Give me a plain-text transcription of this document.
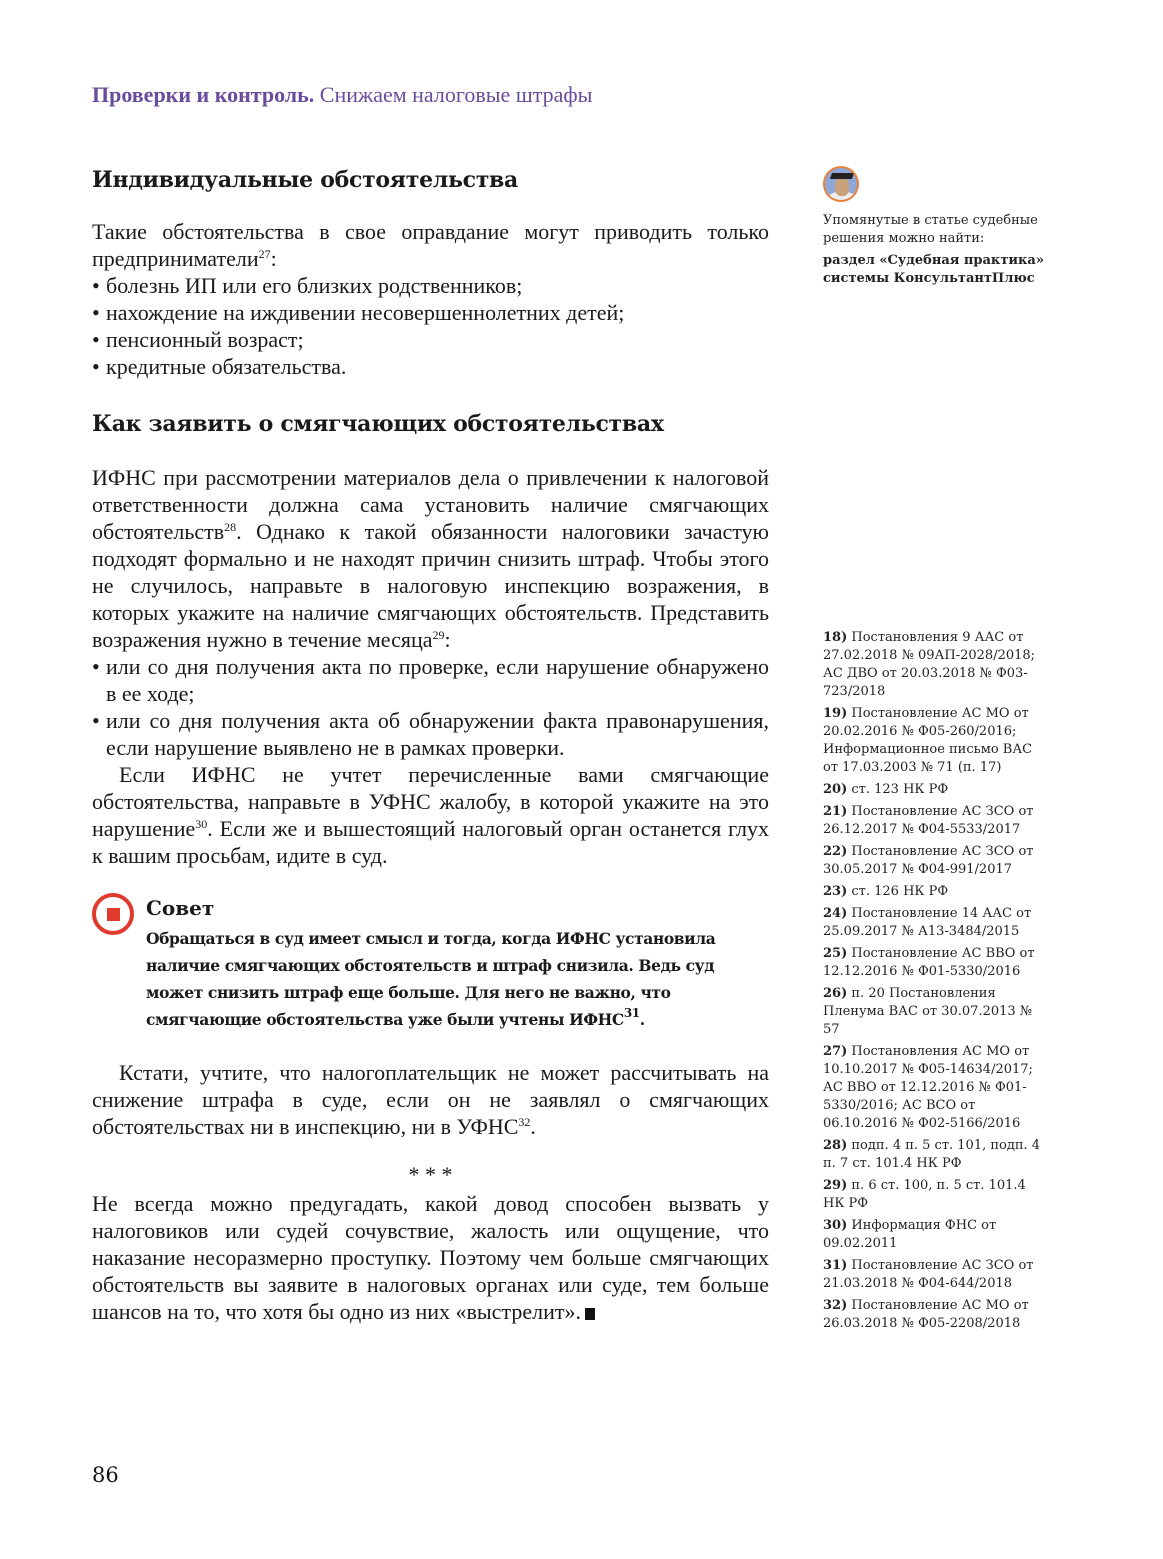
Проверки и контроль. Снижаем налоговые штрафы
Индивидуальные обстоятельства

Такие обстоятельства в свое оправдание могут приводить только предприниматели$^{27}$:

• болезнь ИП или его близких родственников;
• нахождение на иждивении несовершеннолетних детей;
• пенсионный возраст;
• кредитные обязательства.
Как заявить о смягчающих обстоятельствах

ИФНС при рассмотрении материалов дела о привлечении к налоговой ответственности должна сама установить наличие смягчающих обстоятельств$^{28}$. Однако к такой обязанности налоговики зачастую подходят формально и не находят причин снизить штраф. Чтобы этого не случилось, направьте в налоговую инспекцию возражения, в которых укажите на наличие смягчающих обстоятельств. Представить возражения нужно в течение месяца$^{29}$:

• или со дня получения акта по проверке, если нарушение обнаружено в ее ходе;
• или со дня получения акта об обнаружении факта правонарушения, если нарушение выявлено не в рамках проверки.

Если ИФНС не учтет перечисленные вами смягчающие обстоятельства, направьте в УФНС жалобу, в которой укажите на это нарушение$^{30}$. Если же и вышестоящий налоговый орган останется глух к вашим просьбам, идите в суд.

Совет
Обращаться в суд имеет смысл и тогда, когда ИФНС установила наличие смягчающих обстоятельств и штраф снизила. Ведь суд может снизить штраф еще больше. Для него не важно, что смягчающие обстоятельства уже были учтены ИФНС$^{31}$.

Кстати, учтите, что налогоплательщик не может рассчитывать на снижение штрафа в суде, если он не заявлял о смягчающих обстоятельствах ни в инспекцию, ни в УФНС$^{32}$.

* * *

Не всегда можно предугадать, какой довод способен вызвать у налоговиков или судей сочувствие, жалость или ощущение, что наказание несоразмерно проступку. Поэтому чем больше смягчающих обстоятельств вы заявите в налоговых органах или суде, тем больше шансов на то, что хотя бы одно из них «выстрелит».

Упомянутые в статье судебные решения можно найти:
раздел «Судебная практика» системы КонсультантПлюс
18) Постановления 9 ААС от 27.02.2018 № 09АП-2028/2018; АС ДВО от 20.03.2018 № Ф03-723/2018
19) Постановление АС МО от 20.02.2016 № Ф05-260/2016; Информационное письмо ВАС от 17.03.2003 № 71 (п. 17)
20) ст. 123 НК РФ
21) Постановление АС ЗСО от 26.12.2017 № Ф04-5533/2017
22) Постановление АС ЗСО от 30.05.2017 № Ф04-991/2017
23) ст. 126 НК РФ
24) Постановление 14 ААС от 25.09.2017 № А13-3484/2015
25) Постановление АС ВВО от 12.12.2016 № Ф01-5330/2016
26) п. 20 Постановления Пленума ВАС от 30.07.2013 № 57
27) Постановления АС МО от 10.10.2017 № Ф05-14634/2017; АС ВВО от 12.12.2016 № Ф01-5330/2016; АС ВСО от 06.10.2016 № Ф02-5166/2016
28) подп. 4 п. 5 ст. 101, подп. 4 п. 7 ст. 101.4 НК РФ
29) п. 6 ст. 100, п. 5 ст. 101.4 НК РФ
30) Информация ФНС от 09.02.2011
31) Постановление АС ЗСО от 21.03.2018 № Ф04-644/2018
32) Постановление АС МО от 26.03.2018 № Ф05-2208/2018
86
